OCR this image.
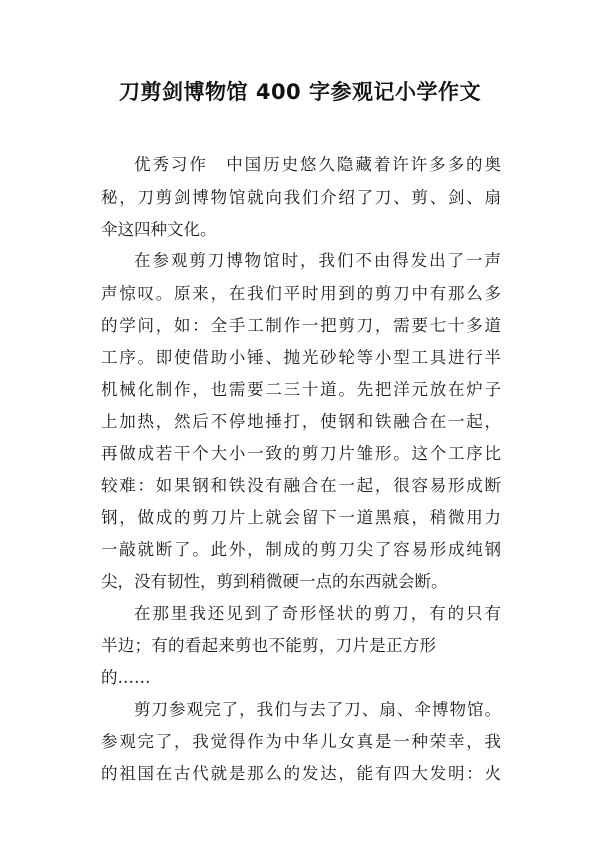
刀剪剑博物馆 400 字参观记小学作文
优秀习作　中国历史悠久隐藏着许许多多的奥
秘，刀剪剑博物馆就向我们介绍了刀、剪、剑、扇
伞这四种文化。
在参观剪刀博物馆时，我们不由得发出了一声
声惊叹。原来，在我们平时用到的剪刀中有那么多
的学问，如：全手工制作一把剪刀，需要七十多道
工序。即使借助小锤、抛光砂轮等小型工具进行半
机械化制作，也需要二三十道。先把洋元放在炉子
上加热，然后不停地捶打，使钢和铁融合在一起，
再做成若干个大小一致的剪刀片雏形。这个工序比
较难：如果钢和铁没有融合在一起，很容易形成断
钢，做成的剪刀片上就会留下一道黑痕，稍微用力
一敲就断了。此外，制成的剪刀尖了容易形成纯钢
尖，没有韧性，剪到稍微硬一点的东西就会断。
在那里我还见到了奇形怪状的剪刀，有的只有
半边；有的看起来剪也不能剪，刀片是正方形
的……
剪刀参观完了，我们与去了刀、扇、伞博物馆。
参观完了，我觉得作为中华儿女真是一种荣幸，我
的祖国在古代就是那么的发达，能有四大发明：火
